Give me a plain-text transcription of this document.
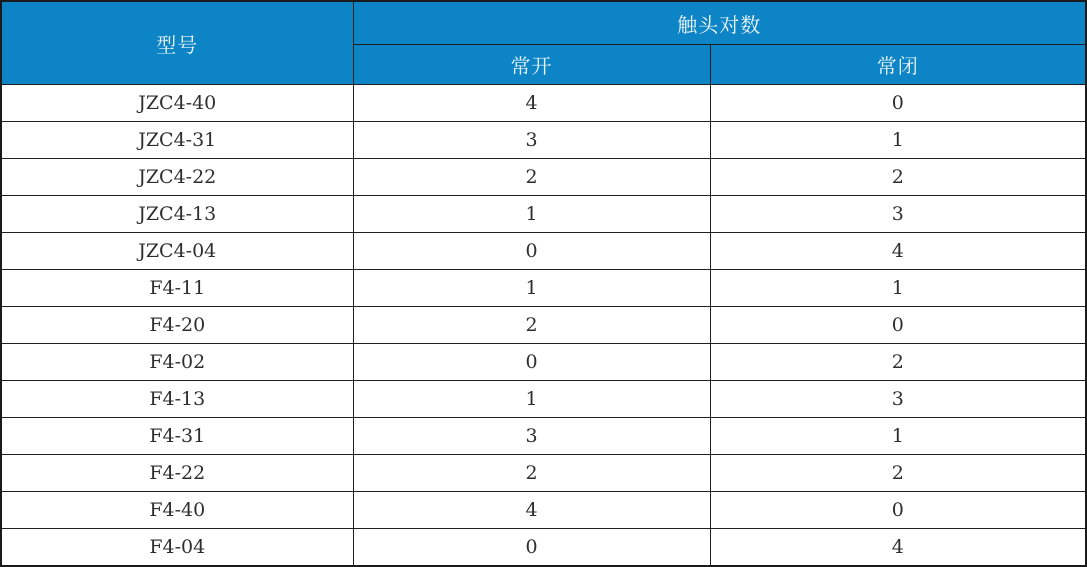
型号	触头对数	
	常开	常闭
JZC4-40	4	0
JZC4-31	3	1
JZC4-22	2	2
JZC4-13	1	3
JZC4-04	0	4
F4-11	1	1
F4-20	2	0
F4-02	0	2
F4-13	1	3
F4-31	3	1
F4-22	2	2
F4-40	4	0
F4-04	0	4
